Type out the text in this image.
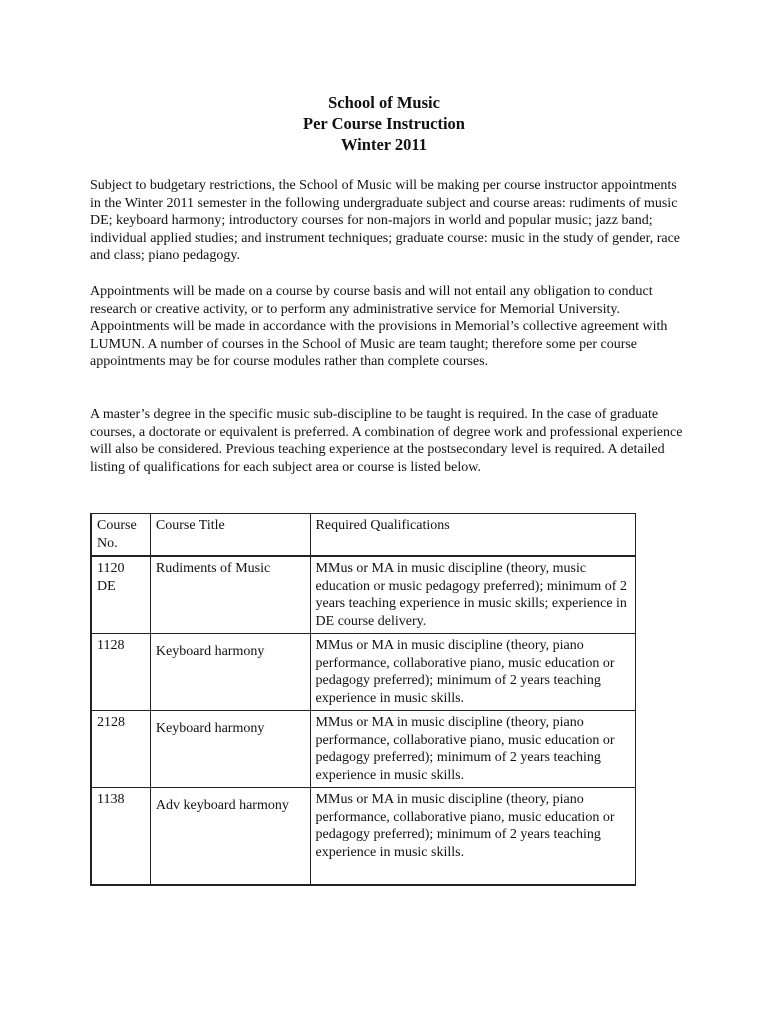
School of Music
Per Course Instruction
Winter 2011

Subject to budgetary restrictions, the School of Music will be making per course instructor appointments in the Winter 2011 semester in the following undergraduate subject and course areas: rudiments of music DE; keyboard harmony; introductory courses for non-majors in world and popular music; jazz band; individual applied studies; and instrument techniques; graduate course: music in the study of gender, race and class; piano pedagogy.

Appointments will be made on a course by course basis and will not entail any obligation to conduct research or creative activity, or to perform any administrative service for Memorial University. Appointments will be made in accordance with the provisions in Memorial’s collective agreement with LUMUN. A number of courses in the School of Music are team taught; therefore some per course appointments may be for course modules rather than complete courses.

A master’s degree in the specific music sub-discipline to be taught is required. In the case of graduate courses, a doctorate or equivalent is preferred. A combination of degree work and professional experience will also be considered. Previous teaching experience at the postsecondary level is required. A detailed listing of qualifications for each subject area or course is listed below.

Course No.	Course Title	Required Qualifications
1120 DE	Rudiments of Music	MMus or MA in music discipline (theory, music education or music pedagogy preferred); minimum of 2 years teaching experience in music skills; experience in DE course delivery.
1128	Keyboard harmony	MMus or MA in music discipline (theory, piano performance, collaborative piano, music education or pedagogy preferred); minimum of 2 years teaching experience in music skills.
2128	Keyboard harmony	MMus or MA in music discipline (theory, piano performance, collaborative piano, music education or pedagogy preferred); minimum of 2 years teaching experience in music skills.
1138	Adv keyboard harmony	MMus or MA in music discipline (theory, piano performance, collaborative piano, music education or pedagogy preferred); minimum of 2 years teaching experience in music skills.
